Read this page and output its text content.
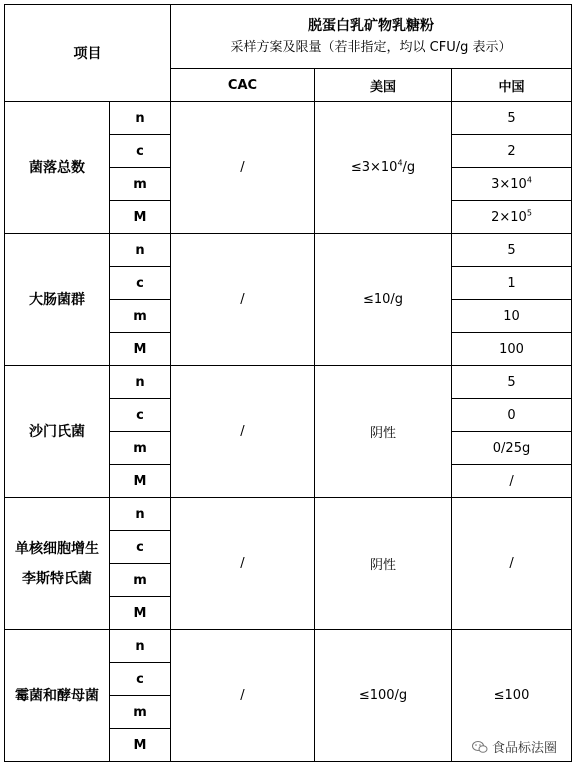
项目		脱蛋白乳矿物乳糖粉
采样方案及限量（若非指定，均以 CFU/g 表示）		

		CAC	美国	中国
菌落总数	n	/	$\le 3\times 10^4/g$	5
	c			2
	m			$3\times 10^4$
	M			$2\times 10^5$
大肠菌群	n	/	≤10/g	5
	c			1
	m			10
	M			100
沙门氏菌	n	/	阴性	5
	c			0
	m			0/25g
	M			/

单核细胞增生
李斯特氏菌	n	/	阴性	/
	c			
	m			
	M			
霉菌和酵母菌	n	/	≤100/g	≤100
	c			
	m			
	M				食品标法圈
